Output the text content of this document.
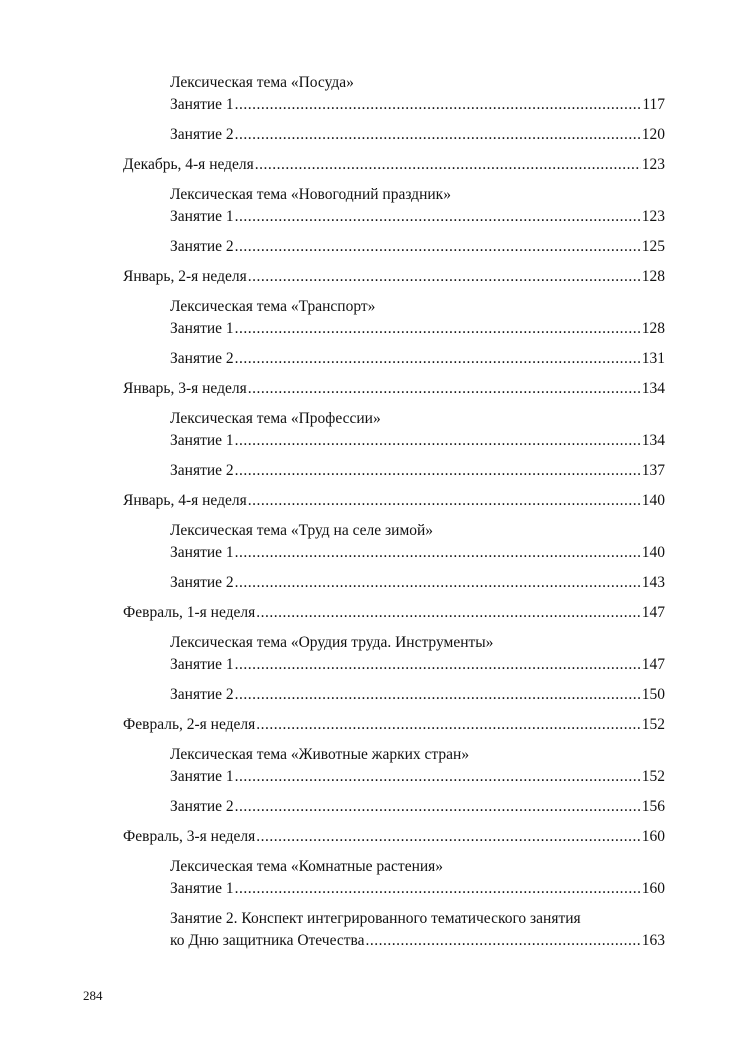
Лексическая тема «Посуда»
Занятие 1 .....	117
Занятие 2 .....	120
Декабрь, 4-я неделя .....	123
Лексическая тема «Новогодний праздник»
Занятие 1 .....	123
Занятие 2 .....	125
Январь, 2-я неделя .....	128
Лексическая тема «Транспорт»
Занятие 1 .....	128
Занятие 2 .....	131
Январь, 3-я неделя .....	134
Лексическая тема «Профессии»
Занятие 1 .....	134
Занятие 2 .....	137
Январь, 4-я неделя .....	140
Лексическая тема «Труд на селе зимой»
Занятие 1 .....	140
Занятие 2 .....	143
Февраль, 1-я неделя .....	147
Лексическая тема «Орудия труда. Инструменты»
Занятие 1 .....	147
Занятие 2 .....	150
Февраль, 2-я неделя .....	152
Лексическая тема «Животные жарких стран»
Занятие 1 .....	152
Занятие 2 .....	156
Февраль, 3-я неделя .....	160
Лексическая тема «Комнатные растения»
Занятие 1 .....	160
Занятие 2. Конспект интегрированного тематического занятия
ко Дню защитника Отечества .....	163
284
